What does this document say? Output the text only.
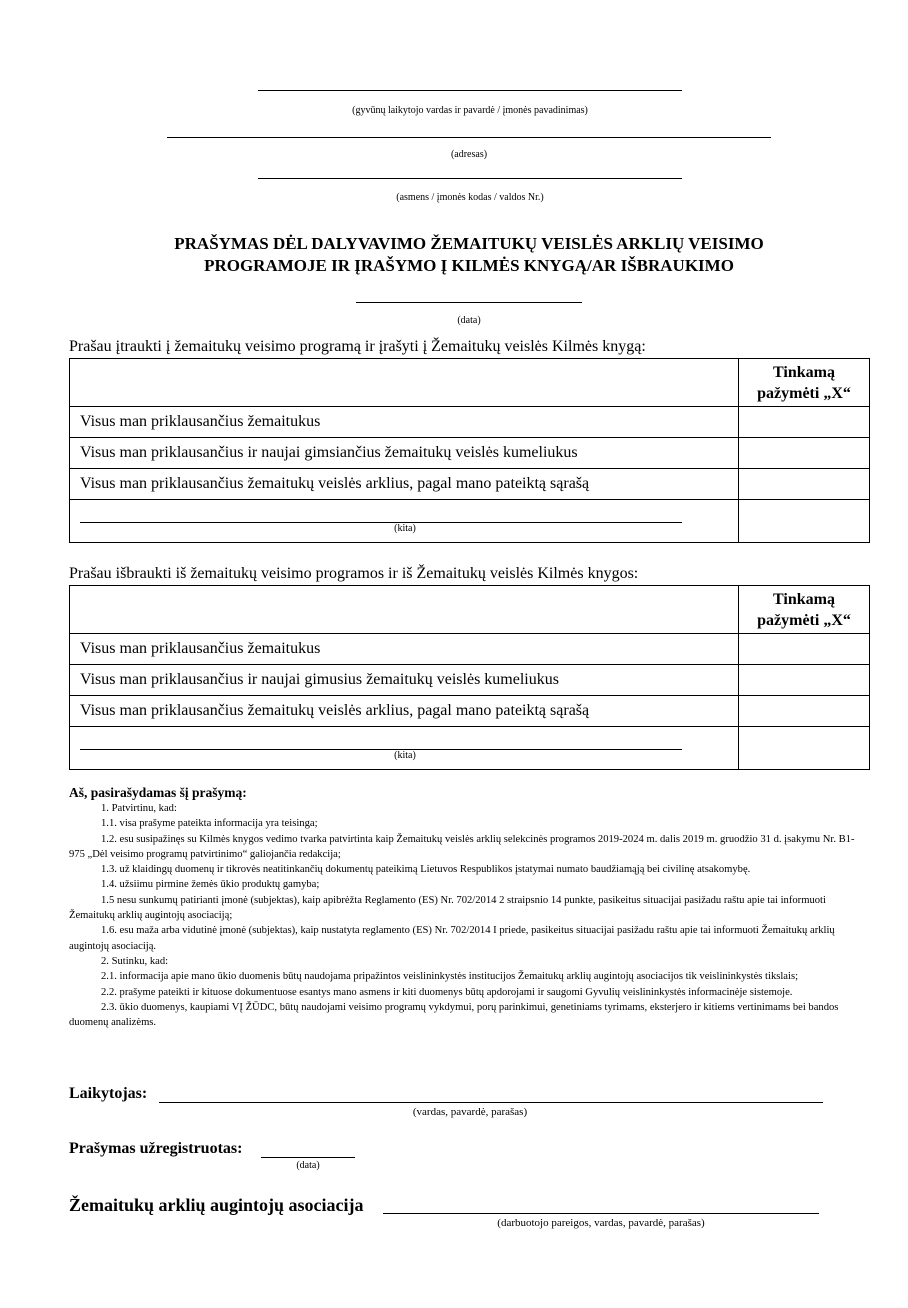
(gyvūnų laikytojo vardas ir pavardė / įmonės pavadinimas)
(adresas)
(asmens / įmonės kodas / valdos Nr.)
PRAŠYMAS DĖL DALYVAVIMO ŽEMAITUKŲ VEISLĖS ARKLIŲ VEISIMO
PROGRAMOJE IR ĮRAŠYMO Į KILMĖS KNYGĄ/AR IŠBRAUKIMO
(data)
Prašau įtraukti į žemaitukų veisimo programą ir įrašyti į Žemaitukų veislės Kilmės knygą:

	Tinkamą
pažymėti „X“

Visus man priklausančius žemaitukus	
Visus man priklausančius ir naujai gimsiančius žemaitukų veislės kumeliukus	
Visus man priklausančius žemaitukų veislės arklius, pagal mano pateiktą sąrašą	

(kita)	

Prašau išbraukti iš žemaitukų veisimo programos ir iš Žemaitukų veislės Kilmės knygos:

	Tinkamą
pažymėti „X“

Visus man priklausančius žemaitukus	
Visus man priklausančius ir naujai gimusius žemaitukų veislės kumeliukus	
Visus man priklausančius žemaitukų veislės arklius, pagal mano pateiktą sąrašą	

(kita)	

Aš, pasirašydamas šį prašymą:

1. Patvirtinu, kad:

1.1. visa prašyme pateikta informacija yra teisinga;

1.2. esu susipažinęs su Kilmės knygos vedimo tvarka patvirtinta kaip Žemaitukų veislės arklių selekcinės programos 2019-2024 m. dalis 2019 m. gruodžio 31 d. įsakymu Nr. B1-975 „Dėl veisimo programų patvirtinimo“ galiojančia redakcija;

1.3. už klaidingų duomenų ir tikrovės neatitinkančių dokumentų pateikimą Lietuvos Respublikos įstatymai numato baudžiamąją bei civilinę atsakomybę.

1.4. užsiimu pirmine žemės ūkio produktų gamyba;

1.5 nesu sunkumų patirianti įmonė (subjektas), kaip apibrėžta Reglamento (ES) Nr. 702/2014 2 straipsnio 14 punkte, pasikeitus situacijai pasižadu raštu apie tai informuoti Žemaitukų arklių augintojų asociaciją;

1.6. esu maža arba vidutinė įmonė (subjektas), kaip nustatyta reglamento (ES) Nr. 702/2014 I priede, pasikeitus situacijai pasižadu raštu apie tai informuoti Žemaitukų arklių augintojų asociaciją.

2. Sutinku, kad:

2.1. informacija apie mano ūkio duomenis būtų naudojama pripažintos veislininkystės institucijos Žemaitukų arklių augintojų asociacijos tik veislininkystės tikslais;

2.2. prašyme pateikti ir kituose dokumentuose esantys mano asmens ir kiti duomenys būtų apdorojami ir saugomi Gyvulių veislininkystės informacinėje sistemoje.

2.3. ūkio duomenys, kaupiami VĮ ŽŪDC, būtų naudojami veisimo programų vykdymui, porų parinkimui, genetiniams tyrimams, eksterjero ir kitiems vertinimams bei bandos duomenų analizėms.

Laikytojas:
(vardas, pavardė, parašas)
Prašymas užregistruotas:
(data)
Žemaitukų arklių augintojų asociacija
(darbuotojo pareigos, vardas, pavardė, parašas)
